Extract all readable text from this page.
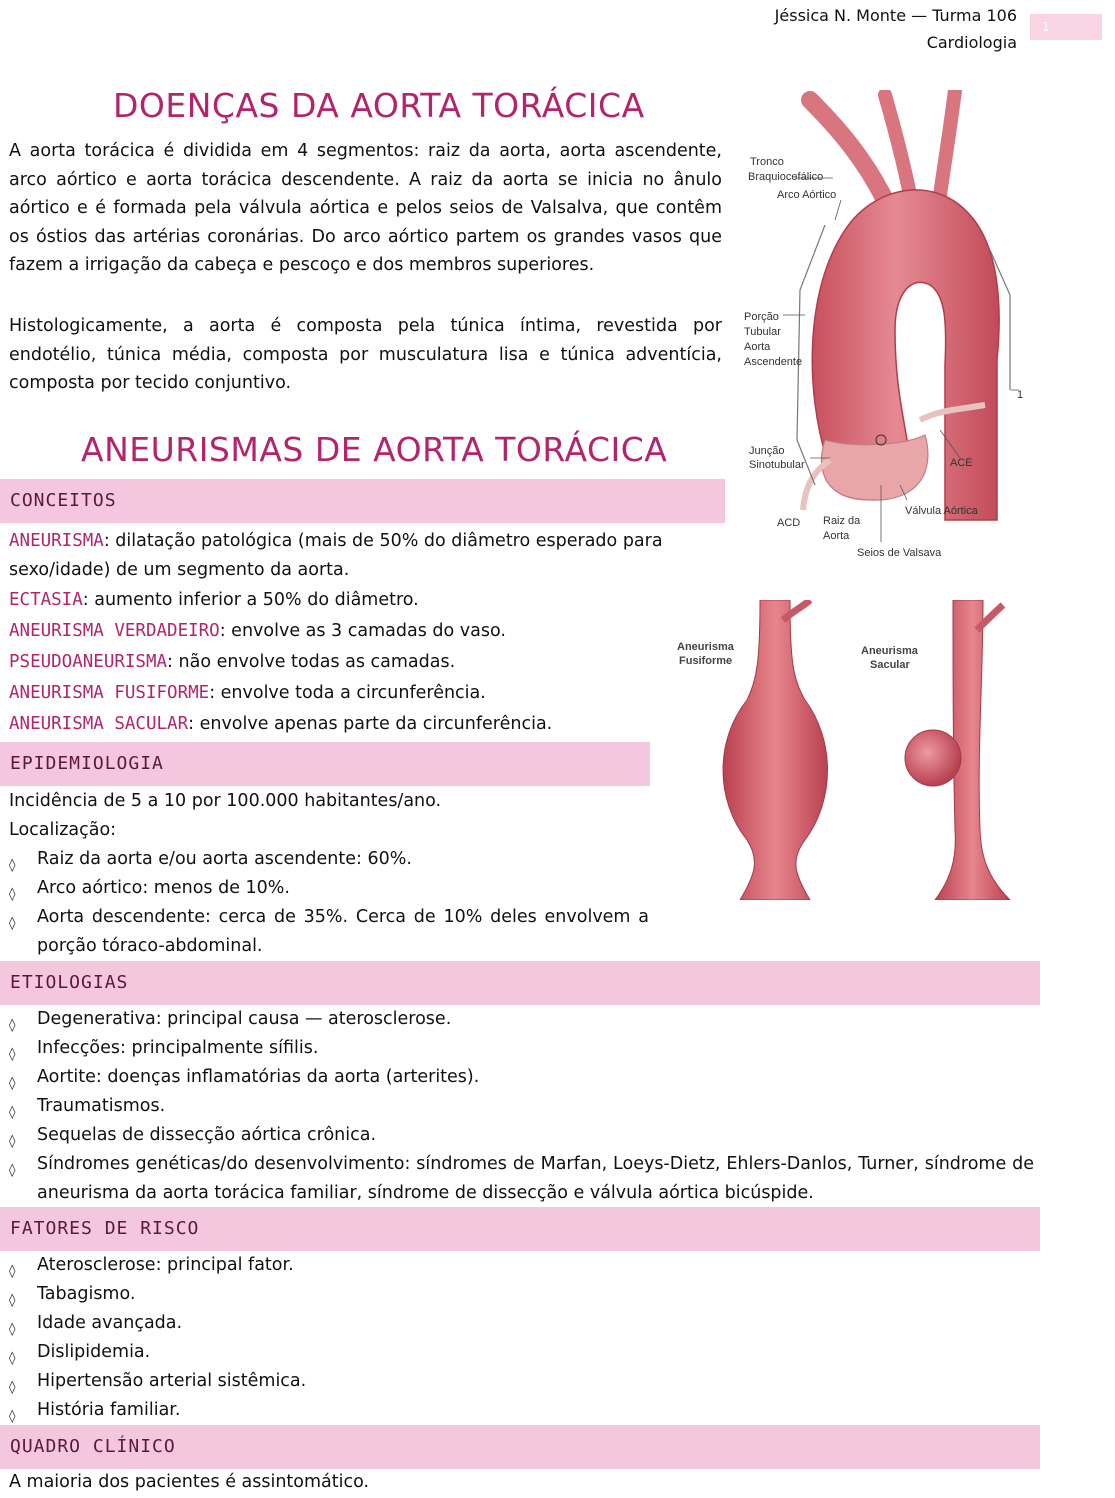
Jéssica N. Monte — Turma 106
Cardiologia
1
DOENÇAS DA AORTA TORÁCICA

A aorta torácica é dividida em 4 segmentos: raiz da aorta, aorta ascendente, arco aórtico e aorta torácica descendente. A raiz da aorta se inicia no ânulo aórtico e é formada pela válvula aórtica e pelos seios de Valsalva, que contêm os óstios das artérias coronárias. Do arco aórtico partem os grandes vasos que fazem a irrigação da cabeça e pescoço e dos membros superiores.

Histologicamente, a aorta é composta pela túnica íntima, revestida por endotélio, túnica média, composta por musculatura lisa e túnica adventícia, composta por tecido conjuntivo.

ANEURISMAS DE AORTA TORÁCICA
CONCEITOS
ANEURISMA: dilatação patológica (mais de 50% do diâmetro esperado para sexo/idade) de um segmento da aorta.
ECTASIA: aumento inferior a 50% do diâmetro.
ANEURISMA VERDADEIRO: envolve as 3 camadas do vaso.
PSEUDOANEURISMA: não envolve todas as camadas.
ANEURISMA FUSIFORME: envolve toda a circunferência.
ANEURISMA SACULAR: envolve apenas parte da circunferência.
EPIDEMIOLOGIA

Incidência de 5 a 10 por 100.000 habitantes/ano.

Localização:

◊ Raiz da aorta e/ou aorta ascendente: 60%.
◊ Arco aórtico: menos de 10%.
◊ Aorta descendente: cerca de 35%. Cerca de 10% deles envolvem a porção tóraco-abdominal.
ETIOLOGIAS
◊ Degenerativa: principal causa — aterosclerose.
◊ Infecções: principalmente sífilis.
◊ Aortite: doenças inflamatórias da aorta (arterites).
◊ Traumatismos.
◊ Sequelas de dissecção aórtica crônica.
◊ Síndromes genéticas/do desenvolvimento: síndromes de Marfan, Loeys-Dietz, Ehlers-Danlos, Turner, síndrome de aneurisma da aorta torácica familiar, síndrome de dissecção e válvula aórtica bicúspide.
FATORES DE RISCO
◊ Aterosclerose: principal fator.
◊ Tabagismo.
◊ Idade avançada.
◊ Dislipidemia.
◊ Hipertensão arterial sistêmica.
◊ História familiar.
QUADRO CLÍNICO

A maioria dos pacientes é assintomático.

Tronco
Braquiocefálico
Arco Aórtico
Porção
Tubular
Aorta
Ascendente
1
Junção
Sinotubular	ACE
Válvula Aórtica
ACD Raiz da
Aorta
Seios de Valsava
Aneurisma
Fusiforme
Aneurisma
Sacular
